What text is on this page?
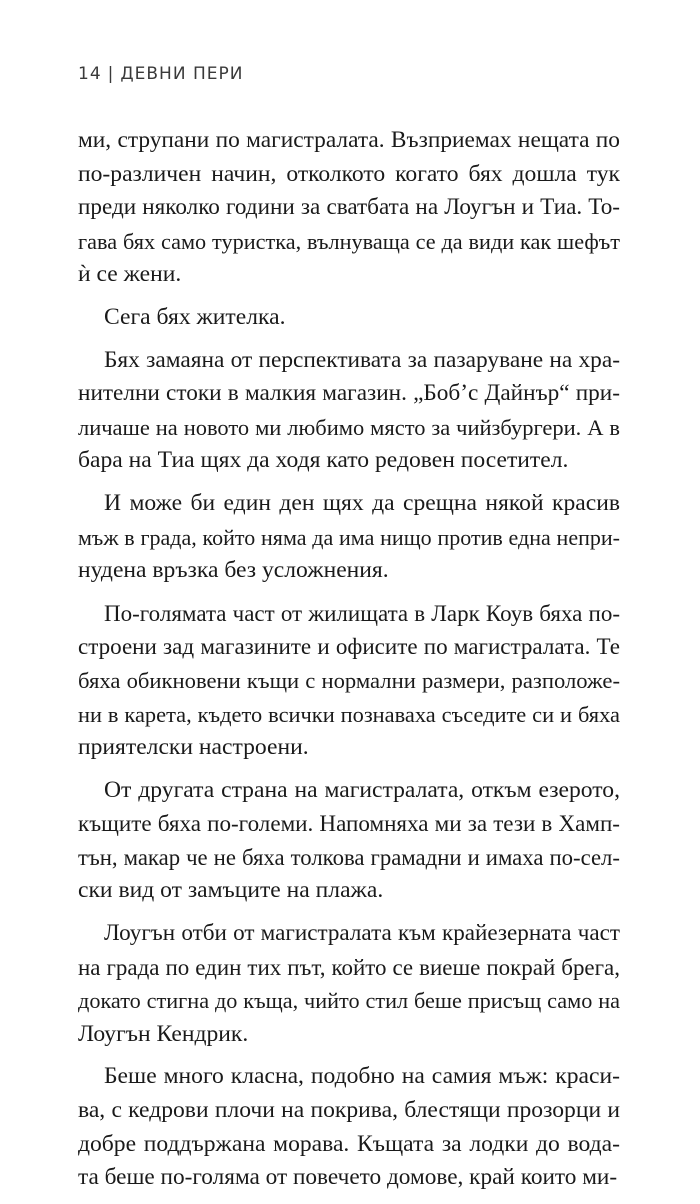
14 | ДЕВНИ ПЕРИ
ми, струпани по магистралата. Възприемах нещата по
по-различен начин, отколкото когато бях дошла тук
преди няколко години за сватбата на Лоугън и Тиа. То-
гава бях само туристка, вълнуваща се да види как шефът
ѝ се жени.
Сега бях жителка.
Бях замаяна от перспективата за пазаруване на хра-
нителни стоки в малкия магазин. „Боб’с Дайнър“ при-
личаше на новото ми любимо място за чийзбургери. А в
бара на Тиа щях да ходя като редовен посетител.
И може би един ден щях да срещна някой красив
мъж в града, който няма да има нищо против една непри-
нудена връзка без усложнения.
По-голямата част от жилищата в Ларк Коув бяха по-
строени зад магазините и офисите по магистралата. Те
бяха обикновени къщи с нормални размери, разположе-
ни в карета, където всички познаваха съседите си и бяха
приятелски настроени.
От другата страна на магистралата, откъм езерото,
къщите бяха по-големи. Напомняха ми за тези в Хамп-
тън, макар че не бяха толкова грамадни и имаха по-сел-
ски вид от замъците на плажа.
Лоугън отби от магистралата към крайезерната част
на града по един тих път, който се виеше покрай брега,
докато стигна до къща, чийто стил беше присъщ само на
Лоугън Кендрик.
Беше много класна, подобно на самия мъж: краси-
ва, с кедрови плочи на покрива, блестящи прозорци и
добре поддържана морава. Къщата за лодки до вода-
та беше по-голяма от повечето домове, край които ми-
